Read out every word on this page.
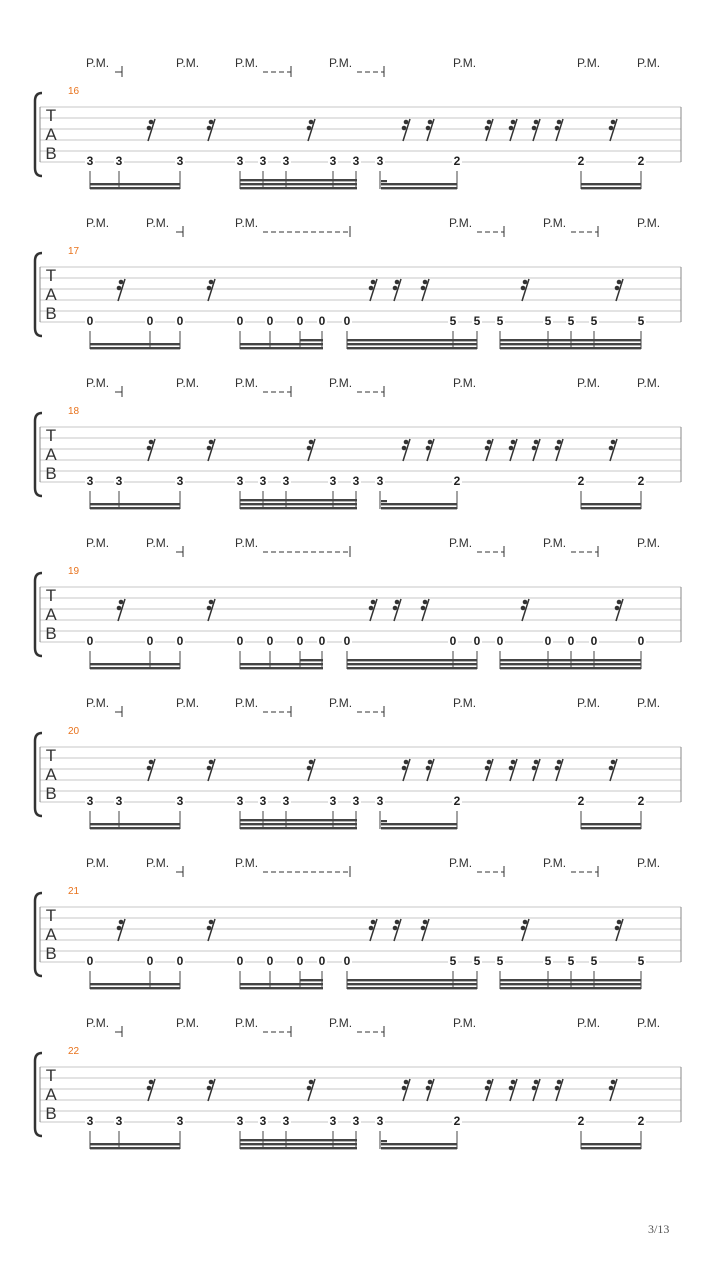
T
A
B
16
P.M.	P.M.	P.M.	P.M.	P.M.	P.M.	P.M.
3 3	3	3 3 3	3 3 3	2	2	2
T
A
B
17
P.M.	P.M.	P.M.	P.M.	P.M.	P.M.
0	0 0	0 0 0 0 0	5 5 5	5 5 5	5
T
A
B
18
P.M.	P.M.	P.M.	P.M.	P.M.	P.M.	P.M.
3 3	3	3 3 3	3 3 3	2	2	2
T
A
B
19
P.M.	P.M.	P.M.	P.M.	P.M.	P.M.
0	0 0	0 0 0 0 0	0 0 0	0 0 0	0
T
A
B
20
P.M.	P.M.	P.M.	P.M.	P.M.	P.M.	P.M.
3 3	3	3 3 3	3 3 3	2	2	2
T
A
B
21
P.M.	P.M.	P.M.	P.M.	P.M.	P.M.
0	0 0	0 0 0 0 0	5 5 5	5 5 5	5
T
A
B
22
P.M.	P.M.	P.M.	P.M.	P.M.	P.M.	P.M.
3 3	3	3 3 3	3 3 3	2	2	2
3/13
